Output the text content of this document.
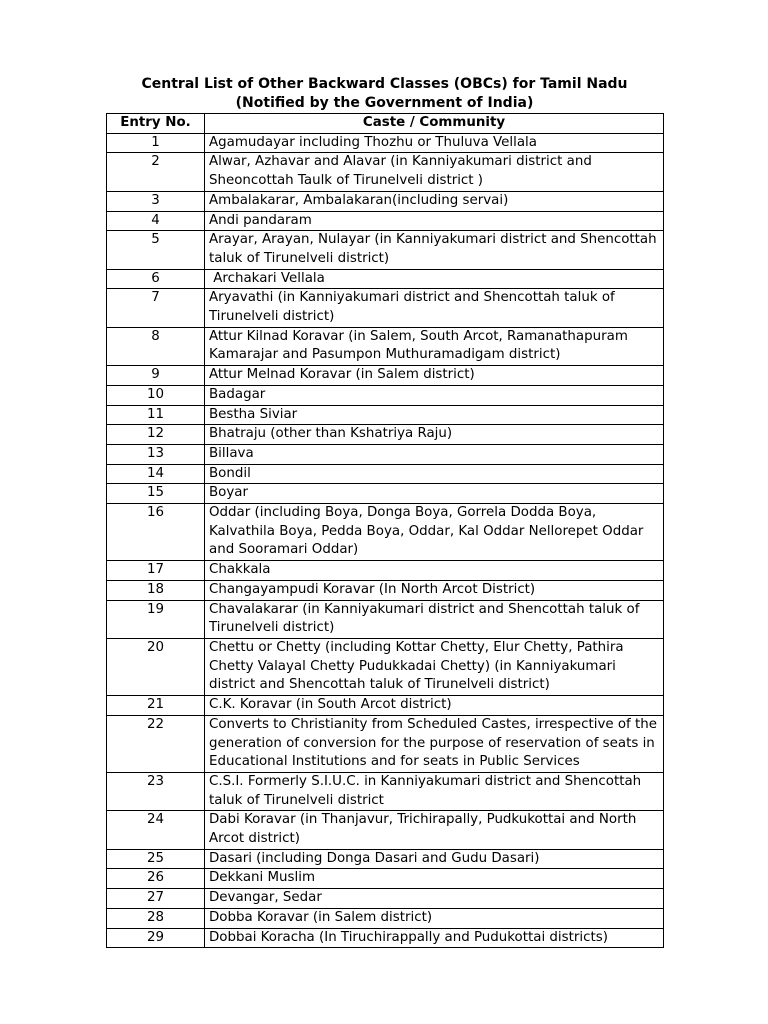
Central List of Other Backward Classes (OBCs) for Tamil Nadu
(Notified by the Government of India)
Entry No.	Caste / Community
1	Agamudayar including Thozhu or Thuluva Vellala
2	Alwar, Azhavar and Alavar (in Kanniyakumari district and Sheoncottah Taulk of Tirunelveli district )
3	Ambalakarar, Ambalakaran(including servai)
4	Andi pandaram
5	Arayar, Arayan, Nulayar (in Kanniyakumari district and Shencottah taluk of Tirunelveli district)
6	Archakari Vellala
7	Aryavathi (in Kanniyakumari district and Shencottah taluk of Tirunelveli district)
8	Attur Kilnad Koravar (in Salem, South Arcot, Ramanathapuram Kamarajar and Pasumpon Muthuramadigam district)
9	Attur Melnad Koravar (in Salem district)
10	Badagar
11	Bestha Siviar
12	Bhatraju (other than Kshatriya Raju)
13	Billava
14	Bondil
15	Boyar
16	Oddar (including Boya, Donga Boya, Gorrela Dodda Boya, Kalvathila Boya, Pedda Boya, Oddar, Kal Oddar Nellorepet Oddar and Sooramari Oddar)
17	Chakkala
18	Changayampudi Koravar (In North Arcot District)
19	Chavalakarar (in Kanniyakumari district and Shencottah taluk of Tirunelveli district)
20	Chettu or Chetty (including Kottar Chetty, Elur Chetty, Pathira Chetty Valayal Chetty Pudukkadai Chetty) (in Kanniyakumari district and Shencottah taluk of Tirunelveli district)
21	C.K. Koravar (in South Arcot district)
22	Converts to Christianity from Scheduled Castes, irrespective of the generation of conversion for the purpose of reservation of seats in Educational Institutions and for seats in Public Services
23	C.S.I. Formerly S.I.U.C. in Kanniyakumari district and Shencottah taluk of Tirunelveli district
24	Dabi Koravar (in Thanjavur, Trichirapally, Pudkukottai and North Arcot district)
25	Dasari (including Donga Dasari and Gudu Dasari)
26	Dekkani Muslim
27	Devangar, Sedar
28	Dobba Koravar (in Salem district)
29	Dobbai Koracha (In Tiruchirappally and Pudukottai districts)
